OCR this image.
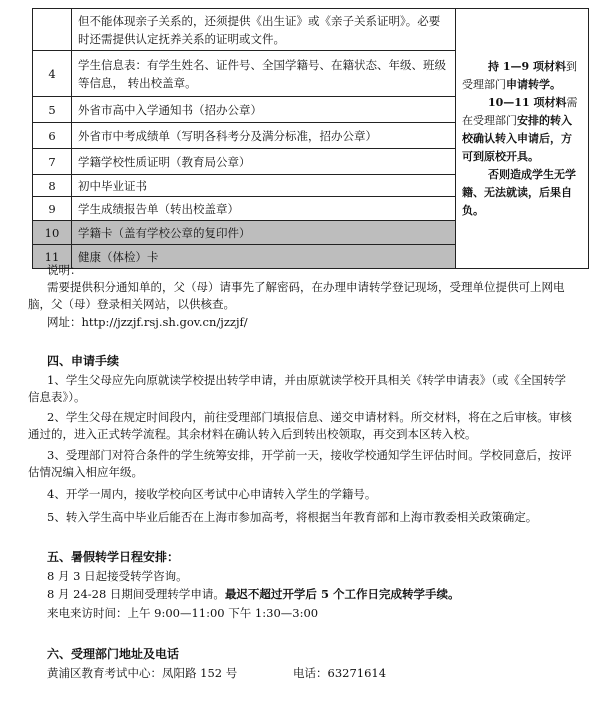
	但不能体现亲子关系的，还须提供《出生证》或《亲子关系证明》。必要时还需提供认定抚养关系的证明或文件。	持 1—9 项材料到受理部门申请转学。
10—11 项材料需在受理部门安排的转入校确认转入申请后，方可到原校开具。
否则造成学生无学籍、无法就读，后果自负。

4	学生信息表：有学生姓名、证件号、全国学籍号、在籍状态、年级、班级等信息， 转出校盖章。	
5	外省市高中入学通知书（招办公章）	
6	外省市中考成绩单（写明各科考分及满分标准，招办公章）	
7	学籍学校性质证明（教育局公章）	
8	初中毕业证书	
9	学生成绩报告单（转出校盖章）	
10	学籍卡（盖有学校公章的复印件）	
11	健康（体检）卡	
说明：
需要提供积分通知单的，父（母）请事先了解密码，在办理申请转学登记现场，受理单位提供可上网电脑，父（母）登录相关网站，以供核查。
网址：http://jzzjf.rsj.sh.gov.cn/jzzjf/
四、申请手续
1、学生父母应先向原就读学校提出转学申请，并由原就读学校开具相关《转学申请表》（或《全国转学信息表》）。
2、学生父母在规定时间段内，前往受理部门填报信息、递交申请材料。所交材料，将在之后审核。审核通过的，进入正式转学流程。其余材料在确认转入后到转出校领取，再交到本区转入校。
3、受理部门对符合条件的学生统筹安排，开学前一天，接收学校通知学生评估时间。学校同意后，按评估情况编入相应年级。
4、开学一周内，接收学校向区考试中心申请转入学生的学籍号。
5、转入学生高中毕业后能否在上海市参加高考，将根据当年教育部和上海市教委相关政策确定。
五、暑假转学日程安排：
8 月 3 日起接受转学咨询。
8 月 24-28 日期间受理转学申请。最迟不超过开学后 5 个工作日完成转学手续。
来电来访时间：上午 9:00—11:00 下午 1:30—3:00
六、受理部门地址及电话
黄浦区教育考试中心：凤阳路 152 号	电话：63271614
